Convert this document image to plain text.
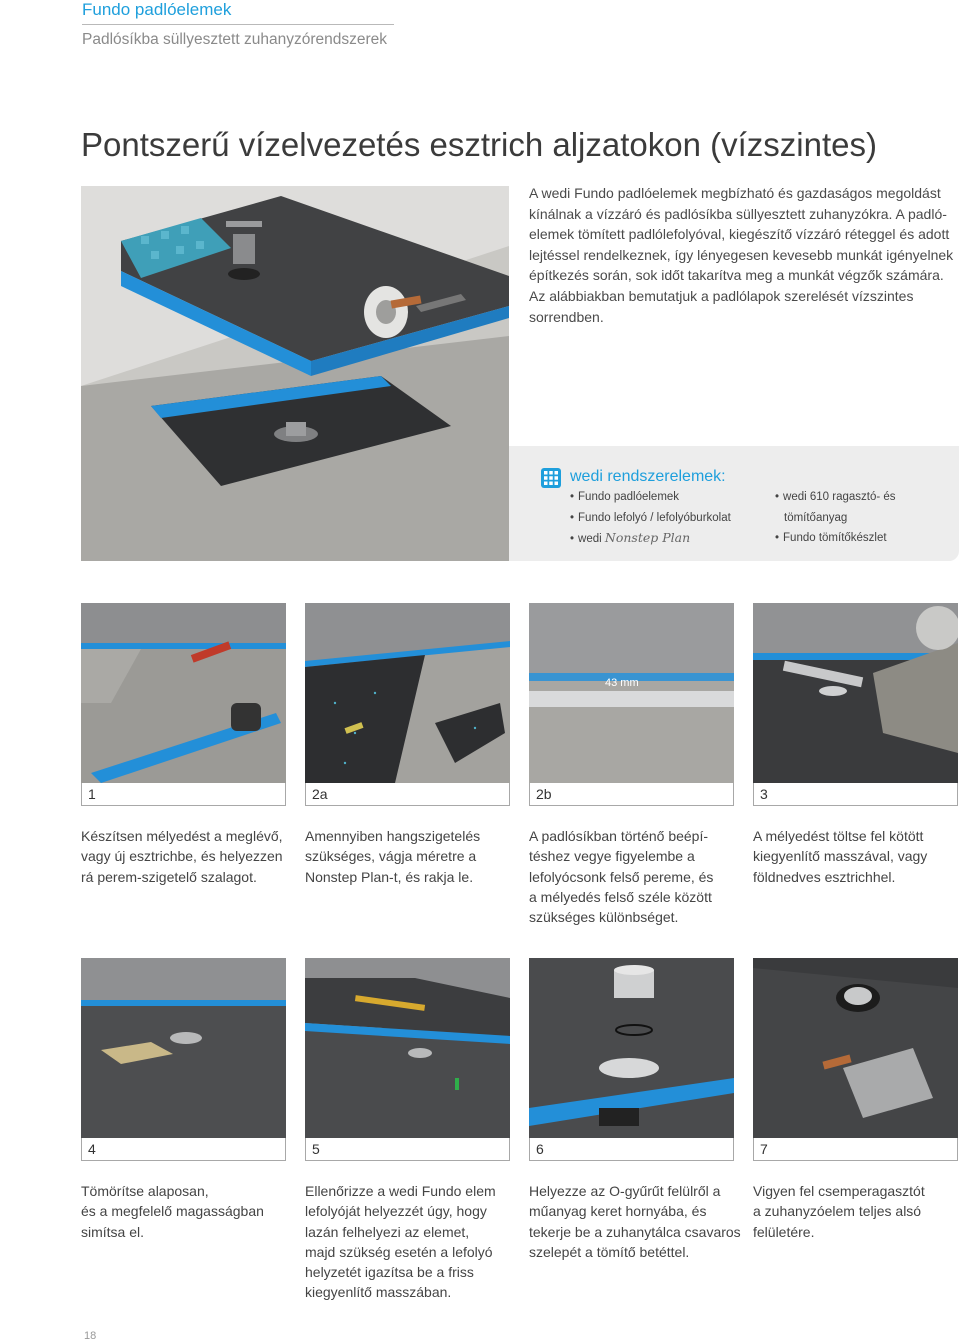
Fundo padlóelemek
Padlósíkba süllyesztett zuhanyzórendszerek
Pontszerű vízelvezetés esztrich aljzatokon (vízszintes)
A wedi Fundo padlóelemek megbízható és gazdaságos megoldást
kínálnak a vízzáró és padlósíkba süllyesztett zuhanyzókra. A padló-
elemek tömített padlólefolyóval, kiegészítő vízzáró réteggel és adott
lejtéssel rendelkeznek, így lényegesen kevesebb munkát igényelnek
építkezés során, sok időt takarítva meg a munkát végzők számára.
Az alábbiakban bemutatjuk a padlólapok szerelését vízszintes
sorrendben.
wedi rendszerelemek:
• Fundo padlóelemek
• Fundo lefolyó / lefolyóburkolat
• wedi Nonstep Plan
• wedi 610 ragasztó- és
tömítőanyag
• Fundo tömítőkészlet
1
Készítsen mélyedést a meglévő,
vagy új esztrichbe, és helyezzen
rá perem-szigetelő szalagot.
2a
Amennyiben hangszigetelés
szükséges, vágja méretre a
Nonstep Plan-t, és rakja le.
43 mm
2b
A padlósíkban történő beépí-
téshez vegye figyelembe a
lefolyócsonk felső pereme, és
a mélyedés felső széle között
szükséges különbséget.
3
A mélyedést töltse fel kötött
kiegyenlítő masszával, vagy
földnedves esztrichhel.
4
Tömörítse alaposan,
és a megfelelő magasságban
simítsa el.
5
Ellenőrizze a wedi Fundo elem
lefolyóját helyezzét úgy, hogy
lazán felhelyezi az elemet,
majd szükség esetén a lefolyó
helyzetét igazítsa be a friss
kiegyenlítő masszában.
6
Helyezze az O-gyűrűt felülről a
műanyag keret hornyába, és
tekerje be a zuhanytálca csavaros
szelepét a tömítő betéttel.
7
Vigyen fel csemperagasztót
a zuhanyzóelem teljes alsó
felületére.
18
